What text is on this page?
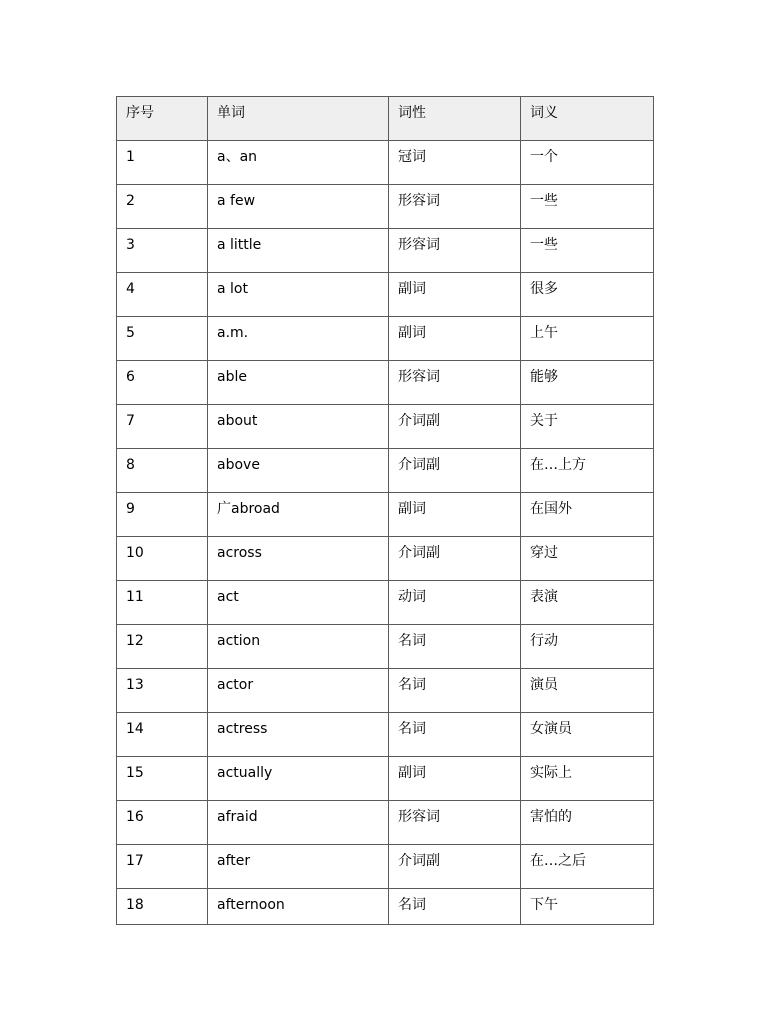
序号	单词	词性	词义
1	a、an	冠词	一个
2	a few	形容词	一些
3	a little	形容词	一些
4	a lot	副词	很多
5	a.m.	副词	上午
6	able	形容词	能够
7	about	介词副	关于
8	above	介词副	在…上方
9	广abroad	副词	在国外
10	across	介词副	穿过
11	act	动词	表演
12	action	名词	行动
13	actor	名词	演员
14	actress	名词	女演员
15	actually	副词	实际上
16	afraid	形容词	害怕的
17	after	介词副	在…之后
18	afternoon	名词	下午
